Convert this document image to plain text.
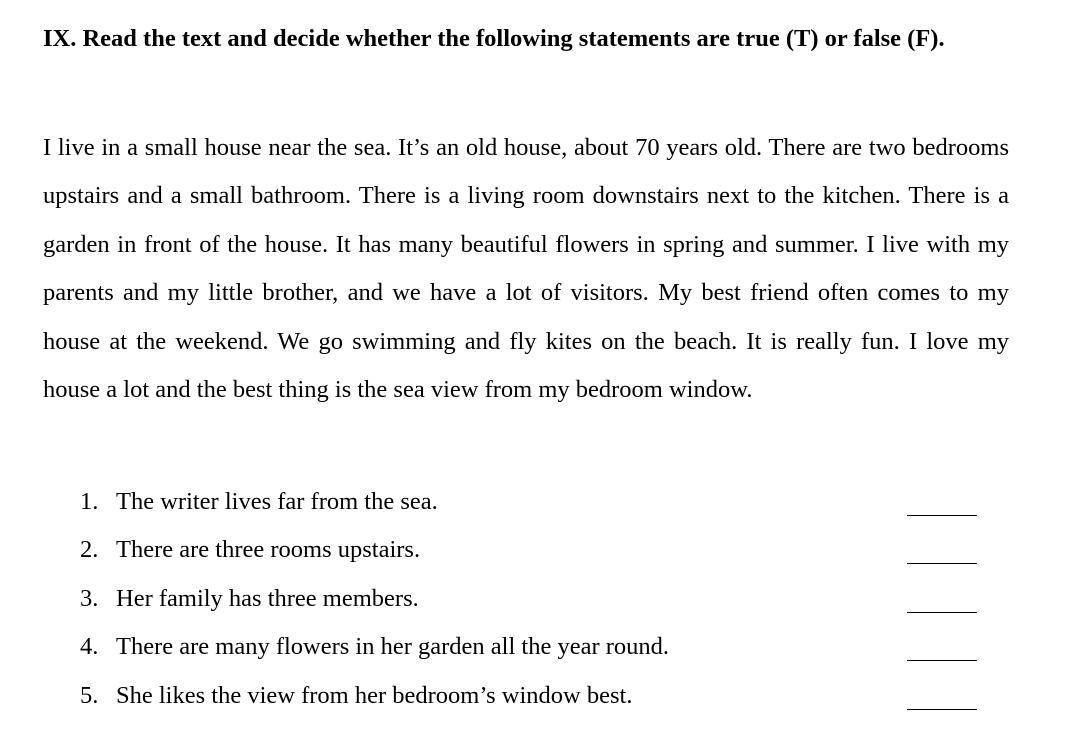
IX. Read the text and decide whether the following statements are true (T) or false (F).

I live in a small house near the sea. It’s an old house, about 70 years old. There are two bedrooms upstairs and a small bathroom. There is a living room downstairs next to the kitchen. There is a garden in front of the house. It has many beautiful flowers in spring and summer. I live with my parents and my little brother, and we have a lot of visitors. My best friend often comes to my house at the weekend. We go swimming and fly kites on the beach. It is really fun. I love my house a lot and the best thing is the sea view from my bedroom window.

1. The writer lives far from the sea.
2. There are three rooms upstairs.
3. Her family has three members.
4. There are many flowers in her garden all the year round.
5. She likes the view from her bedroom’s window best.
